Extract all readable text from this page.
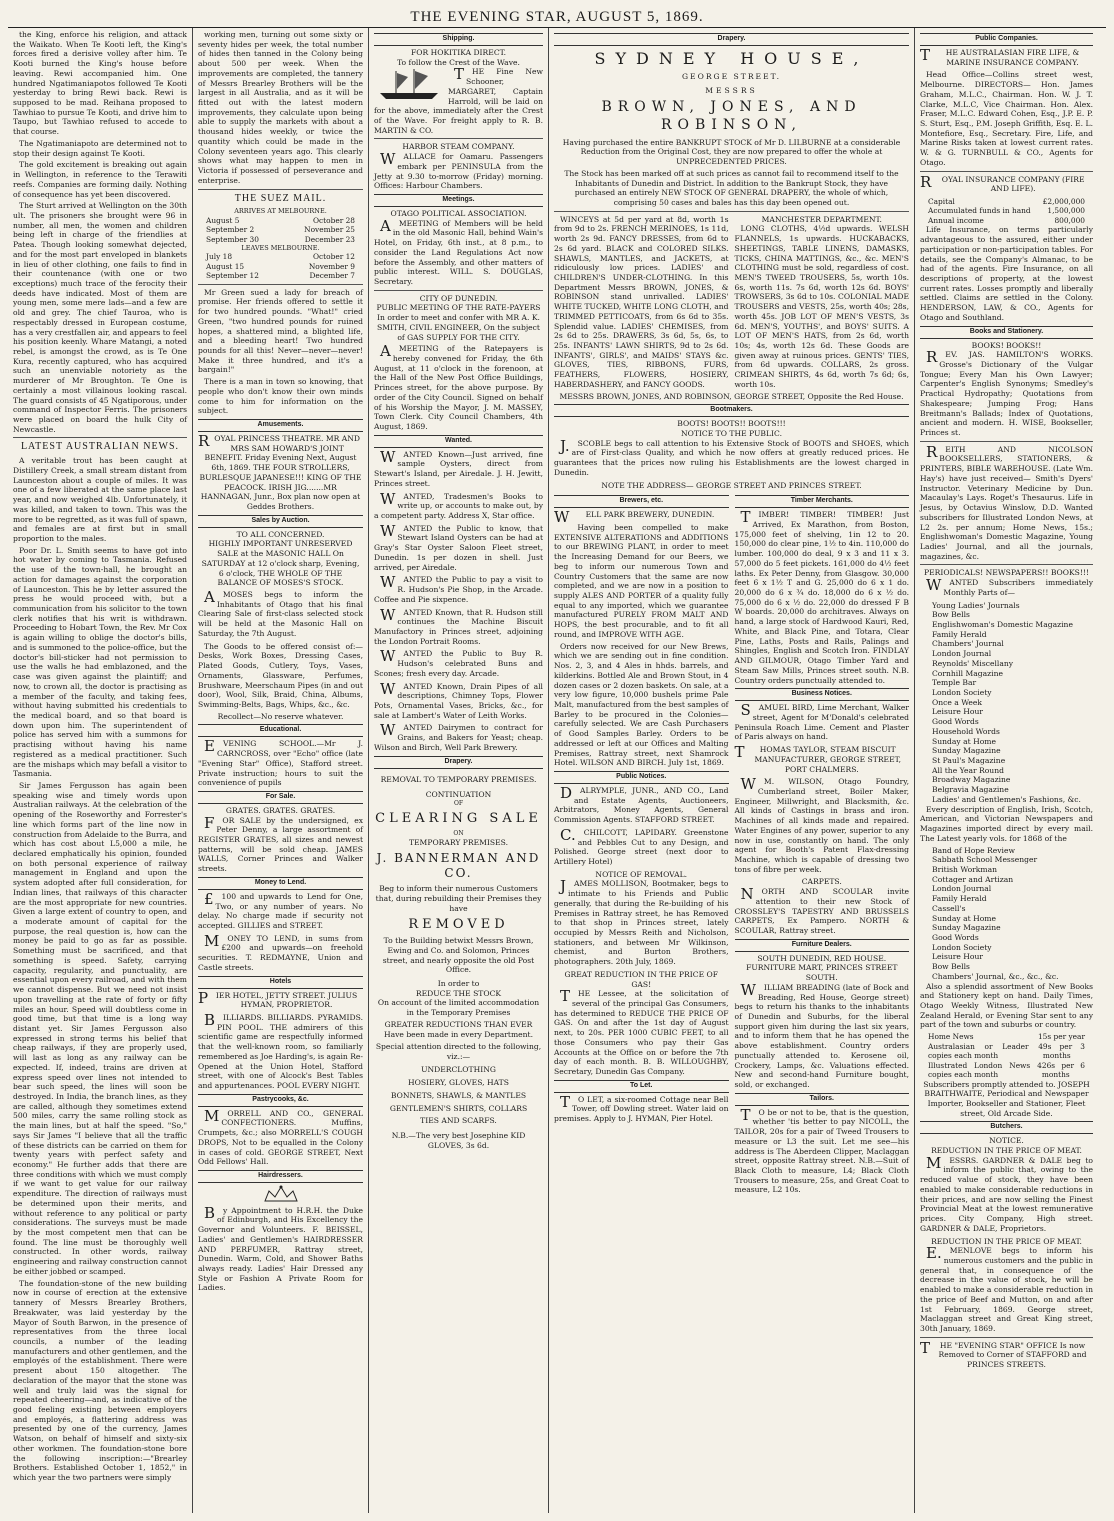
THE EVENING STAR, AUGUST 5, 1869.

the King, enforce his religion, and attack the Waikato. When Te Kooti left, the King's forces fired a derisive volley after him. Te Kooti burned the King's house before leaving. Rewi accompanied him. One hundred Ngatimaniapotos followed Te Kooti yesterday to bring Rewi back. Rewi is supposed to be mad. Reihana proposed to Tawhiao to pursue Te Kooti, and drive him to Taupo, but Tawhiao refused to accede to that course.

The Ngatimaniapoto are determined not to stop their design against Te Kooti.

The gold excitement is breaking out again in Wellington, in reference to the Terawiti reefs. Companies are forming daily. Nothing of consequence has yet been discovered.

The Sturt arrived at Wellington on the 30th ult. The prisoners she brought were 96 in number, all men, the women and children being left in charge of the friendlies at Patea. Though looking somewhat dejected, and for the most part enveloped in blankets in lieu of other clothing, one fails to find in their countenance (with one or two exceptions) much trace of the ferocity their deeds have indicated. Most of them are young men, some mere lads—and a few are old and grey. The chief Tauroa, who is respectably dressed in European costume, has a very crestfallen air, and appears to feel his position keenly. Whare Matangi, a noted rebel, is amongst the crowd, as is Te One Kura, recently captured, who has acquired such an unenviable notoriety as the murderer of Mr Broughton. Te One is certainly a most villainous looking rascal. The guard consists of 45 Ngatiporous, under command of Inspector Ferris. The prisoners were placed on board the hulk City of Newcastle.

LATEST AUSTRALIAN NEWS.

A veritable trout has been caught at Distillery Creek, a small stream distant from Launceston about a couple of miles. It was one of a few liberated at the same place last year, and now weighed 4lb. Unfortunately, it was killed, and taken to town. This was the more to be regretted, as it was full of spawn, and females are at first but in small proportion to the males.

Poor Dr. L. Smith seems to have got into hot water by coming to Tasmania. Refused the use of the town-hall, he brought an action for damages against the corporation of Launceston. This he by letter assured the press he would proceed with, but a communication from his solicitor to the town clerk notifies that his writ is withdrawn. Proceeding to Hobart Town, the Rev. Mr Cox is again willing to oblige the doctor's bills, and is summoned to the police-office, but the doctor's bill-sticker had not permission to use the walls he had emblazoned, and the case was given against the plaintiff; and now, to crown all, the doctor is practising as a member of the faculty, and taking fees, without having submitted his credentials to the medical board, and so that board is down upon him. The superintendent of police has served him with a summons for practising without having his name registered as a medical practitioner. Such are the mishaps which may befall a visitor to Tasmania.

Sir James Fergusson has again been speaking wise and timely words upon Australian railways. At the celebration of the opening of the Roseworthy and Forrester's line which forms part of the line now in construction from Adelaide to the Burra, and which has cost about L5,000 a mile, he declared emphatically his opinion, founded on both personal experience of railway management in England and upon the system adopted after full consideration, for Indian lines, that railways of this character are the most appropriate for new countries. Given a large extent of country to open, and a moderate amount of capital for the purpose, the real question is, how can the money be paid to go as far as possible. Something must be sacrificed, and that something is speed. Safety, carrying capacity, regularity, and punctuality, are essential upon every railroad, and with them we cannot dispense. But we need not insist upon travelling at the rate of forty or fifty miles an hour. Speed will doubtless come in good time, but that time is a long way distant yet. Sir James Fergusson also expressed in strong terms his belief that cheap railways, if they are properly used, will last as long as any railway can be expected. If, indeed, trains are driven at express speed over lines not intended to bear such speed, the lines will soon be destroyed. In India, the branch lines, as they are called, although they sometimes extend 500 miles, carry the same rolling stock as the main lines, but at half the speed. "So," says Sir James "I believe that all the traffic of these districts can be carried on them for twenty years with perfect safety and economy." He further adds that there are three conditions with which we must comply if we want to get value for our railway expenditure. The direction of railways must be determined upon their merits, and without reference to any political or party considerations. The surveys must be made by the most competent men that can be found. The line must be thoroughly well constructed. In other words, railway engineering and railway construction cannot be either jobbed or scamped.

The foundation-stone of the new building now in course of erection at the extensive tannery of Messrs Brearley Brothers, Breakwater, was laid yesterday by the Mayor of South Barwon, in the presence of representatives from the three local councils, a number of the leading manufacturers and other gentlemen, and the employés of the establishment. There were present about 150 altogether. The declaration of the mayor that the stone was well and truly laid was the signal for repeated cheering—and, as indicative of the good feeling existing between employers and employés, a flattering address was presented by one of the currency, James Watson, on behalf of himself and sixty-six other workmen. The foundation-stone bore the following inscription:—"Brearley Brothers. Established October 1, 1852," in which year the two partners were simply

working men, turning out some sixty or seventy hides per week, the total number of hides then tanned in the Colony being about 500 per week. When the improvements are completed, the tannery of Messrs Brearley Brothers will be the largest in all Australia, and as it will be fitted out with the latest modern improvements, they calculate upon being able to supply the markets with about a thousand hides weekly, or twice the quantity which could be made in the Colony seventeen years ago. This clearly shows what may happen to men in Victoria if possessed of perseverance and enterprise.

THE SUEZ MAIL.
ARRIVES AT MELBOURNE.
August 5	October 28
September 2	November 25
September 30	December 23
LEAVES MELBOURNE.
July 18	October 12
August 15	November 9
September 12	December 7

Mr Green sued a lady for breach of promise. Her friends offered to settle it for two hundred pounds. "What!" cried Green, "two hundred pounds for ruined hopes, a shattered mind, a blighted life, and a bleeding heart! Two hundred pounds for all this! Never—never—never! Make it three hundred, and it's a bargain!"

There is a man in town so knowing, that people who don't know their own minds come to him for information on the subject.

Amusements.

ROYAL PRINCESS THEATRE. MR AND MRS SAM HOWARD'S JOINT BENEFIT. Friday Evening Next, August 6th, 1869. THE FOUR STROLLERS, BURLESQUE JAPANESE!!! KING OF THE PEACOCK. IRISH JIG.......MR HANNAGAN, Junr., Box plan now open at Geddes Brothers.

Sales by Auction.
TO ALL CONCERNED.

HIGHLY IMPORTANT UNRESERVED SALE at the MASONIC HALL On SATURDAY at 12 o'clock sharp, Evening, 6 o'clock, THE WHOLE OF THE BALANCE OF MOSES'S STOCK.

AMOSES begs to inform the Inhabitants of Otago that his final Clearing Sale of first-class selected stock will be held at the Masonic Hall on Saturday, the 7th August.

The Goods to be offered consist of:—Desks, Work Boxes, Dressing Cases, Plated Goods, Cutlery, Toys, Vases, Ornaments, Glassware, Perfumes, Brushware, Meerschaum Pipes (in and out door), Wool, Silk, Braid, China, Albums, Swimming-Belts, Bags, Whips, &c., &c.

Recollect—No reserve whatever.

Educational.

EVENING SCHOOL.—Mr J. CARNCROSS, over "Echo" office (late "Evening Star" Office), Stafford street. Private instruction; hours to suit the convenience of pupils

For Sale.
GRATES. GRATES. GRATES.

FOR SALE by the undersigned, ex Peter Denny, a large assortment of REGISTER GRATES, all sizes and newest patterns, will be sold cheap. JAMES WALLS, Corner Princes and Walker streets.

Money to Lend.

£100 and upwards to Lend for One, Two, or any number of years. No delay. No charge made if security not accepted. GILLIES and STREET.

MONEY TO LEND, in sums from £200 and upwards—on freehold securities. T. REDMAYNE, Union and Castle streets.

Hotels

PIER HOTEL, JETTY STREET. JULIUS HYMAN, PROPRIETOR.

BILLIARDS. BILLIARDS. PYRAMIDS. PIN POOL. THE admirers of this scientific game are respectfully informed that the well-known room, so familiarly remembered as Joe Harding's, is again Re-Opened at the Union Hotel, Stafford street, with one of Alcock's Best Tables and appurtenances. POOL EVERY NIGHT.

Pastrycooks, &c.

MORRELL AND CO., GENERAL CONFECTIONERS. Muffins, Crumpets, &c.; also MORRELL'S COUGH DROPS, Not to be equalled in the Colony in cases of cold. GEORGE STREET, Next Odd Fellows' Hall.

Hairdressers.

By Appointment to H.R.H. the Duke of Edinburgh, and His Excellency the Governor and Volunteers. F. BEISSEL, Ladies' and Gentlemen's HAIRDRESSER AND PERFUMER, Rattray street, Dunedin. Warm, Cold, and Shower Baths always ready. Ladies' Hair Dressed any Style or Fashion A Private Room for Ladies.

Shipping.
FOR HOKITIKA DIRECT.
To follow the Crest of the Wave.

THE Fine New Schooner, MARGARET, Captain Harrold, will be laid on for the above, immediately after the Crest of the Wave. For freight apply to R. B. MARTIN & CO.

HARBOR STEAM COMPANY.

WALLACE for Oamaru. Passengers embark per PENINSULA from the Jetty at 9.30 to-morrow (Friday) morning. Offices: Harbour Chambers.

Meetings.
OTAGO POLITICAL ASSOCIATION.

AMEETING of Members will be held in the old Masonic Hall, behind Wain's Hotel, on Friday, 6th inst., at 8 p.m., to consider the Land Regulations Act now before the Assembly, and other matters of public interest. WILL. S. DOUGLAS, Secretary.

CITY OF DUNEDIN.
PUBLIC MEETING OF THE RATE-PAYERS

In order to meet and confer with MR A. K. SMITH, CIVIL ENGINEER, On the subject of GAS SUPPLY FOR THE CITY.

AMEETING of the Ratepayers is hereby convened for Friday, the 6th August, at 11 o'clock in the forenoon, at the Hall of the New Post Office Buildings, Princes street, for the above purpose. By order of the City Council. Signed on behalf of his Worship the Mayor, J. M. MASSEY, Town Clerk. City Council Chambers, 4th August, 1869.

Wanted.

WANTED Known—Just arrived, fine sample Oysters, direct from Stewart's Island, per Airedale. J. H. Jewitt, Princes street.

WANTED, Tradesmen's Books to write up, or accounts to make out, by a competent party. Address X, Star office.

WANTED the Public to know, that Stewart Island Oysters can be had at Gray's Star Oyster Saloon Fleet street, Dunedin. 1s per dozen in shell. Just arrived, per Airedale.

WANTED the Public to pay a visit to R. Hudson's Pie Shop, in the Arcade. Coffee and Pie sixpence.

WANTED Known, that R. Hudson still continues the Machine Biscuit Manufactory in Princes street, adjoining the London Portrait Rooms.

WANTED the Public to Buy R. Hudson's celebrated Buns and Scones; fresh every day. Arcade.

WANTED Known, Drain Pipes of all descriptions, Chimney Tops, Flower Pots, Ornamental Vases, Bricks, &c., for sale at Lambert's Water of Leith Works.

WANTED Dairymen to contract for Grains, and Bakers for Yeast; cheap. Wilson and Birch, Well Park Brewery.

Drapery.
REMOVAL TO TEMPORARY PREMISES.
CONTINUATION
OF
CLEARING SALE
ON
TEMPORARY PREMISES.
J. BANNERMAN AND CO.

Beg to inform their numerous Customers that, during rebuilding their Premises they have

REMOVED

To the Building betwixt Messrs Brown, Ewing and Co. and Solomon, Princes street, and nearly opposite the old Post Office.

In order to
REDUCE THE STOCK

On account of the limited accommodation in the Temporary Premises

GREATER REDUCTIONS THAN EVER
Have been made in every Department.

Special attention directed to the following, viz.:—

UNDERCLOTHING
HOSIERY, GLOVES, HATS
BONNETS, SHAWLS, & MANTLES
GENTLEMEN'S SHIRTS, COLLARS
TIES AND SCARFS.

N.B.—The very best Josephine KID GLOVES, 3s 6d.

Drapery.
SYDNEY HOUSE,
GEORGE STREET.
MESSRS
BROWN, JONES, AND ROBINSON,

Having purchased the entire BANKRUPT STOCK of Mr D. LILBURNE at a considerable Reduction from the Original Cost, they are now prepared to offer the whole at UNPRECEDENTED PRICES.

The Stock has been marked off at such prices as cannot fail to recommend itself to the Inhabitants of Dunedin and District. In addition to the Bankrupt Stock, they have purchased an entirely NEW STOCK OF GENERAL DRAPERY, the whole of which, comprising 50 cases and bales has this day been opened out.

WINCEYS at 5d per yard at 8d, worth 1s from 9d to 2s. FRENCH MERINOES, 1s 11d, worth 2s 9d. FANCY DRESSES, from 6d to 2s 6d yard. BLACK and COLORED SILKS. SHAWLS, MANTLES, and JACKETS, at ridiculously low prices. LADIES' and CHILDREN'S UNDER-CLOTHING. In this Department Messrs BROWN, JONES, & ROBINSON stand unrivalled. LADIES' WHITE TUCKED, WHITE LONG CLOTH, and TRIMMED PETTICOATS, from 6s 6d to 35s. Splendid value. LADIES' CHEMISES, from 2s 6d to 25s. DRAWERS, 3s 6d, 5s, 6s, to 25s. INFANTS' LAWN SHIRTS, 9d to 2s 6d. INFANTS', GIRLS', and MAIDS' STAYS &c. GLOVES, TIES, RIBBONS, FURS, FEATHERS, FLOWERS, HOSIERY, HABERDASHERY, and FANCY GOODS.

MANCHESTER DEPARTMENT.

LONG CLOTHS, 4½d upwards. WELSH FLANNELS, 1s upwards. HUCKABACKS, SHEETINGS, TABLE LINENS, DAMASKS, TICKS, CHINA MATTINGS, &c., &c. MEN'S CLOTHING must be sold, regardless of cost. MEN'S TWEED TROUSERS, 5s, worth 10s. 6s, worth 11s. 7s 6d, worth 12s 6d. BOYS' TROWSERS, 3s 6d to 10s. COLONIAL MADE TROUSERS and VESTS, 25s, worth 40s; 28s, worth 45s. JOB LOT OF MEN'S VESTS, 3s 6d. MEN'S, YOUTHS', and BOYS' SUITS. A LOT OF MEN'S HATS, from 2s 6d, worth 10s; 4s, worth 12s 6d. These Goods are given away at ruinous prices. GENTS' TIES, from 6d upwards. COLLARS, 2s gross. CRIMEAN SHIRTS, 4s 6d, worth 7s 6d; 6s, worth 10s.

MESSRS BROWN, JONES, AND ROBINSON, GEORGE STREET, Opposite the Red House.

Bootmakers.
BOOTS! BOOTS!! BOOTS!!!
NOTICE TO THE PUBLIC.

J.SCOBLE begs to call attention to his Extensive Stock of BOOTS and SHOES, which are of First-class Quality, and which he now offers at greatly reduced prices. He guarantees that the prices now ruling his Establishments are the lowest charged in Dunedin.

NOTE THE ADDRESS— GEORGE STREET AND PRINCES STREET.

Brewers, etc.

WELL PARK BREWERY, DUNEDIN.

Having been compelled to make EXTENSIVE ALTERATIONS and ADDITIONS to our BREWING PLANT, in order to meet the Increasing Demand for our Beers, we beg to inform our numerous Town and Country Customers that the same are now completed, and we are now in a position to supply ALES AND PORTER of a quality fully equal to any imported, which we guarantee manufactured PURELY FROM MALT AND HOPS, the best procurable, and to fit all round, and IMPROVE WITH AGE.

Orders now received for our New Brews, which we are sending out in fine condition. Nos. 2, 3, and 4 Ales in hhds. barrels, and kilderkins. Bottled Ale and Brown Stout, in 4 dozen cases or 2 dozen baskets. On sale, at a very low figure, 10,000 bushels prime Pale Malt, manufactured from the best samples of Barley to be procured in the Colonies—carefully selected. We are Cash Purchasers of Good Samples Barley. Orders to be addressed or left at our Offices and Malting Premises, Rattray street, next Shamrock Hotel. WILSON AND BIRCH. July 1st, 1869.

Public Notices.

DALRYMPLE, JUNR., AND CO., Land and Estate Agents, Auctioneers, Arbitrators, Money Agents, General Commission Agents. STAFFORD STREET.

C.CHILCOTT, LAPIDARY. Greenstone and Pebbles Cut to any Design, and Polished. George street (next door to Artillery Hotel)

NOTICE OF REMOVAL.

JAMES MOLLISON, Bootmaker, begs to intimate to his Friends and Public generally, that during the Re-building of his Premises in Rattray street, he has Removed to that shop in Princes street, lately occupied by Messrs Reith and Nicholson, stationers, and between Mr Wilkinson, chemist, and Burton Brothers, photographers. 20th July, 1869.

GREAT REDUCTION IN THE PRICE OF GAS!

THE Lessee, at the solicitation of several of the principal Gas Consumers, has determined to REDUCE THE PRICE OF GAS. On and after the 1st day of August next, to 20s. PER 1000 CUBIC FEET, to all those Consumers who pay their Gas Accounts at the Office on or before the 7th day of each month. B. B. WILLOUGHBY, Secretary, Dunedin Gas Company.

To Let.

TO LET, a six-roomed Cottage near Bell Tower, off Dowling street. Water laid on premises. Apply to J. HYMAN, Pier Hotel.

Timber Merchants.

TIMBER! TIMBER! TIMBER! Just Arrived, Ex Marathon, from Boston, 175,000 feet of shelving, 1in 12 to 20. 150,000 do clear pine, 1½ to 4in. 110,000 do lumber. 100,000 do deal, 9 x 3 and 11 x 3. 57,000 do 5 feet pickets. 161,000 do 4½ feet laths. Ex Peter Denny, from Glasgow. 30,000 feet 6 x 1½ T and G. 25,000 do 6 x 1 do. 20,000 do 6 x ¾ do. 18,000 do 6 x ½ do. 75,000 do 6 x ½ do. 22,000 do dressed F B W boards. 20,000 do architraves. Always on hand, a large stock of Hardwood Kauri, Red, White, and Black Pine, and Totara, Clear Pine, Laths, Posts and Rails, Palings and Shingles, English and Scotch Iron. FINDLAY AND GILMOUR, Otago Timber Yard and Steam Saw Mills, Princes street south. N.B. Country orders punctually attended to.

Business Notices.

SAMUEL BIRD, Lime Merchant, Walker street, Agent for M'Donald's celebrated Peninsula Roach Lime. Cement and Plaster of Paris always on hand.

THOMAS TAYLOR, STEAM BISCUIT MANUFACTURER, GEORGE STREET, PORT CHALMERS.

WM. WILSON, Otago Foundry, Cumberland street, Boiler Maker, Engineer, Millwright, and Blacksmith, &c. All kinds of Castings in brass and iron. Machines of all kinds made and repaired. Water Engines of any power, superior to any now in use, constantly on hand. The only agent for Booth's Patent Flax-dressing Machine, which is capable of dressing two tons of fibre per week.

CARPETS.

NORTH AND SCOULAR invite attention to their new Stock of CROSSLEY'S TAPESTRY AND BRUSSELS CARPETS, Ex Pampero. NORTH & SCOULAR, Rattray street.

Furniture Dealers.
SOUTH DUNEDIN, RED HOUSE.
FURNITURE MART, PRINCES STREET SOUTH.

WILLIAM BREADING (late of Bock and Breading, Red House, George street) begs to return his thanks to the inhabitants of Dunedin and Suburbs, for the liberal support given him during the last six years, and to inform them that he has opened the above establishment. Country orders punctually attended to. Kerosene oil, Crockery, Lamps, &c. Valuations effected. New and second-hand Furniture bought, sold, or exchanged.

Tailors.

TO be or not to be, that is the question, whether 'tis better to pay NICOLL, the TAILOR, 20s for a pair of Tweed Trousers to measure or L3 the suit. Let me see—his address is The Aberdeen Clipper, Maclaggan street, opposite Rattray street. N.B.—Suit of Black Cloth to measure, L4; Black Cloth Trousers to measure, 25s, and Great Coat to measure, L2 10s.

Public Companies.

THE AUSTRALASIAN FIRE LIFE, & MARINE INSURANCE COMPANY.

Head Office—Collins street west, Melbourne. DIRECTORS— Hon. James Graham, M.L.C., Chairman. Hon. W. J. T. Clarke, M.L.C, Vice Chairman. Hon. Alex. Fraser, M.L.C. Edward Cohen, Esq., J.P. E. P. S. Sturt, Esq., P.M. Joseph Griffith, Esq. E. L. Montefiore, Esq., Secretary. Fire, Life, and Marine Risks taken at lowest current rates. W. & G. TURNBULL & CO., Agents for Otago.

ROYAL INSURANCE COMPANY (FIRE AND LIFE).

Capital	£2,000,000
Accumulated funds in hand 1,500,000
Annual income	800,000

Life Insurance, on terms particularly advantageous to the assured, either under participation or non-participation tables. For details, see the Company's Almanac, to be had of the agents. Fire Insurance, on all descriptions of property, at the lowest current rates. Losses promptly and liberally settled. Claims are settled in the Colony. HENDERSON, LAW, & CO., Agents for Otago and Southland.

Books and Stationery.
BOOKS! BOOKS!!

REV. JAS. HAMILTON'S WORKS. Grosse's Dictionary of the Vulgar Tongue; Every Man his Own Lawyer; Carpenter's English Synonyms; Smedley's Practical Hydropathy; Quotations from Shakespeare; Jumping Frog; Hans Breitmann's Ballads; Index of Quotations, ancient and modern. H. WISE, Bookseller, Princes st.

REITH AND NICOLSON BOOKSELLERS, STATIONERS, & PRINTERS, BIBLE WAREHOUSE. (Late Wm. Hay's) have just received— Smith's Dyers' Instructor. Veterinary Medicine by Dun. Macaulay's Lays. Roget's Thesaurus. Life in Jesus, by Octavius Winslow, D.D. Wanted subscribers for Illustrated London News, at L2 2s. per annum; Home News, 15s.; Englishwoman's Domestic Magazine, Young Ladies' Journal, and all the journals, magazines, &c.

PERIODICALS! NEWSPAPERS!! BOOKS!!!

WANTED Subscribers immediately Monthly Parts of—

Young Ladies' Journals
Bow Bells
Englishwoman's Domestic Magazine
Family Herald
Chambers' Journal
London Journal
Reynolds' Miscellany
Cornhill Magazine
Temple Bar
London Society
Once a Week
Leisure Hour
Good Words
Household Words
Sunday at Home
Sunday Magazine
St Paul's Magazine
All the Year Round
Broadway Magazine
Belgravia Magazine
Ladies' and Gentlemen's Fashions, &c.

Every description of English, Irish, Scotch, American, and Victorian Newspapers and Magazines imported direct by every mail. The Latest yearly vols. for 1868 of the

Band of Hope Review
Sabbath School Messenger
British Workman
Cottager and Artizan
London Journal
Family Herald
Cassell's
Sunday at Home
Sunday Magazine
Good Words
London Society
Leisure Hour
Bow Bells
Chambers' Journal, &c., &c., &c.

Also a splendid assortment of New Books and Stationery kept on hand. Daily Times, Otago Weekly Witness, Illustrated New Zealand Herald, or Evening Star sent to any part of the town and suburbs or country.

Home News	15s per year
Australasian or Leader 4 copies each month
9s per 3 months
Illustrated London News 4 copies each month
26s per 6 months

Subscribers promptly attended to. JOSEPH BRAITHWAITE, Periodical and Newspaper Importer, Bookseller and Stationer, Fleet street, Old Arcade Side.

Butchers.
NOTICE.
REDUCTION IN THE PRICE OF MEAT.

MESSRS. GARDNER & DALE beg to inform the public that, owing to the reduced value of stock, they have been enabled to make considerable reductions in their prices, and are now selling the Finest Provincial Meat at the lowest remunerative prices. City Company, High street. GARDNER & DALE, Proprietors.

REDUCTION IN THE PRICE OF MEAT.

E.MENLOVE begs to inform his numerous customers and the public in general that, in consequence of the decrease in the value of stock, he will be enabled to make a considerable reduction in the price of Beef and Mutton, on and after 1st February, 1869. George street, Maclaggan street and Great King street, 30th January, 1869.

THE "EVENING STAR" OFFICE Is now Removed to Corner of STAFFORD and PRINCES STREETS.
